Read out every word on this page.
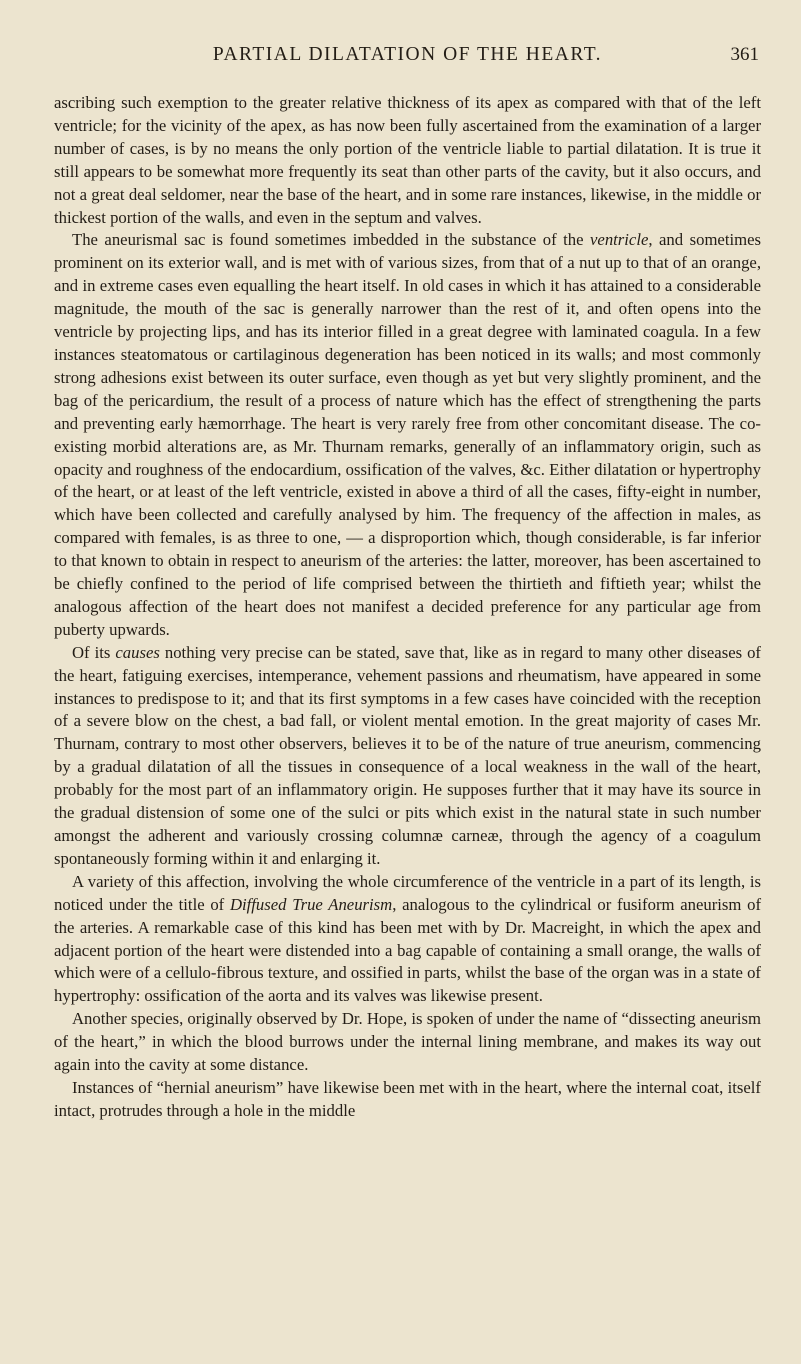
PARTIAL DILATATION OF THE HEART.	361

ascribing such exemption to the greater relative thickness of its apex as compared with that of the left ventricle; for the vicinity of the apex, as has now been fully ascertained from the examination of a larger number of cases, is by no means the only portion of the ventricle liable to partial dilatation. It is true it still appears to be somewhat more frequently its seat than other parts of the cavity, but it also occurs, and not a great deal seldomer, near the base of the heart, and in some rare instances, likewise, in the middle or thickest portion of the walls, and even in the septum and valves.

The aneurismal sac is found sometimes imbedded in the substance of the ventricle, and sometimes prominent on its exterior wall, and is met with of various sizes, from that of a nut up to that of an orange, and in extreme cases even equalling the heart itself. In old cases in which it has attained to a considerable magnitude, the mouth of the sac is generally narrower than the rest of it, and often opens into the ventricle by projecting lips, and has its interior filled in a great degree with laminated coagula. In a few instances steatomatous or cartilaginous degeneration has been noticed in its walls; and most commonly strong adhesions exist between its outer surface, even though as yet but very slightly prominent, and the bag of the pericardium, the result of a process of nature which has the effect of strengthening the parts and preventing early hæmorrhage. The heart is very rarely free from other concomitant disease. The co-existing morbid alterations are, as Mr. Thurnam remarks, generally of an inflammatory origin, such as opacity and roughness of the endocardium, ossification of the valves, &c. Either dilatation or hypertrophy of the heart, or at least of the left ventricle, existed in above a third of all the cases, fifty-eight in number, which have been collected and carefully analysed by him. The frequency of the affection in males, as compared with females, is as three to one, — a disproportion which, though considerable, is far inferior to that known to obtain in respect to aneurism of the arteries: the latter, moreover, has been ascertained to be chiefly confined to the period of life comprised between the thirtieth and fiftieth year; whilst the analogous affection of the heart does not manifest a decided preference for any particular age from puberty upwards.

Of its causes nothing very precise can be stated, save that, like as in regard to many other diseases of the heart, fatiguing exercises, intemperance, vehement passions and rheumatism, have appeared in some instances to predispose to it; and that its first symptoms in a few cases have coincided with the reception of a severe blow on the chest, a bad fall, or violent mental emotion. In the great majority of cases Mr. Thurnam, contrary to most other observers, believes it to be of the nature of true aneurism, commencing by a gradual dilatation of all the tissues in consequence of a local weakness in the wall of the heart, probably for the most part of an inflammatory origin. He supposes further that it may have its source in the gradual distension of some one of the sulci or pits which exist in the natural state in such number amongst the adherent and variously crossing columnæ carneæ, through the agency of a coagulum spontaneously forming within it and enlarging it.

A variety of this affection, involving the whole circumference of the ventricle in a part of its length, is noticed under the title of Diffused True Aneurism, analogous to the cylindrical or fusiform aneurism of the arteries. A remarkable case of this kind has been met with by Dr. Macreight, in which the apex and adjacent portion of the heart were distended into a bag capable of containing a small orange, the walls of which were of a cellulo-fibrous texture, and ossified in parts, whilst the base of the organ was in a state of hypertrophy: ossification of the aorta and its valves was likewise present.

Another species, originally observed by Dr. Hope, is spoken of under the name of “dissecting aneurism of the heart,” in which the blood burrows under the internal lining membrane, and makes its way out again into the cavity at some distance.

Instances of “hernial aneurism” have likewise been met with in the heart, where the internal coat, itself intact, protrudes through a hole in the middle
